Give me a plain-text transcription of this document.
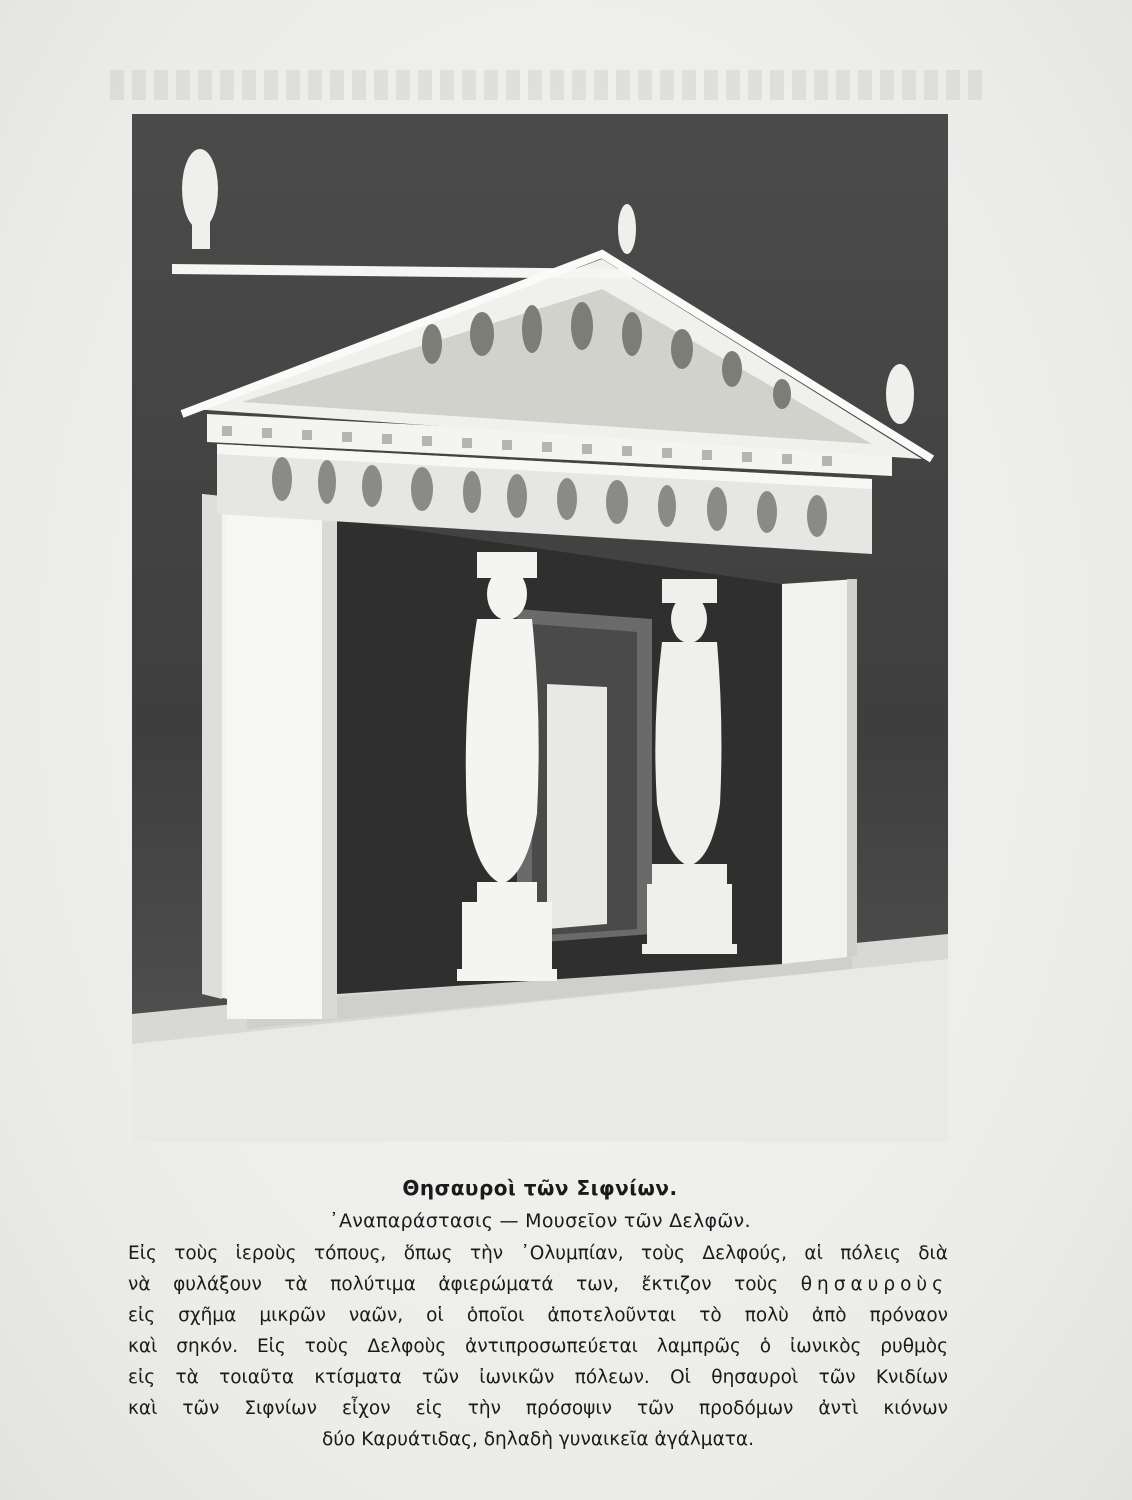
Θησαυροὶ τῶν Σιφνίων.
᾿Αναπαράστασις — Μουσεῖον τῶν Δελφῶν.
Εἰς τοὺς ἱεροὺς τόπους, ὅπως τὴν ᾿Ολυμπίαν, τοὺς Δελφούς, αἱ πόλεις διὰ
νὰ φυλάξουν τὰ πολύτιμα ἀφιερώματά των, ἔκτιζον τοὺς θησαυροὺς
εἰς σχῆμα μικρῶν ναῶν, οἱ ὁποῖοι ἀποτελοῦνται τὸ πολὺ ἀπὸ πρόναον
καὶ σηκόν. Εἰς τοὺς Δελφοὺς ἀντιπροσωπεύεται λαμπρῶς ὁ ἰωνικὸς ρυθμὸς
εἰς τὰ τοιαῦτα κτίσματα τῶν ἰωνικῶν πόλεων. Οἱ θησαυροὶ τῶν Κνιδίων
καὶ τῶν Σιφνίων εἶχον εἰς τὴν πρόσοψιν τῶν προδόμων ἀντὶ κιόνων
δύο Καρυάτιδας, δηλαδὴ γυναικεῖα ἀγάλματα.
